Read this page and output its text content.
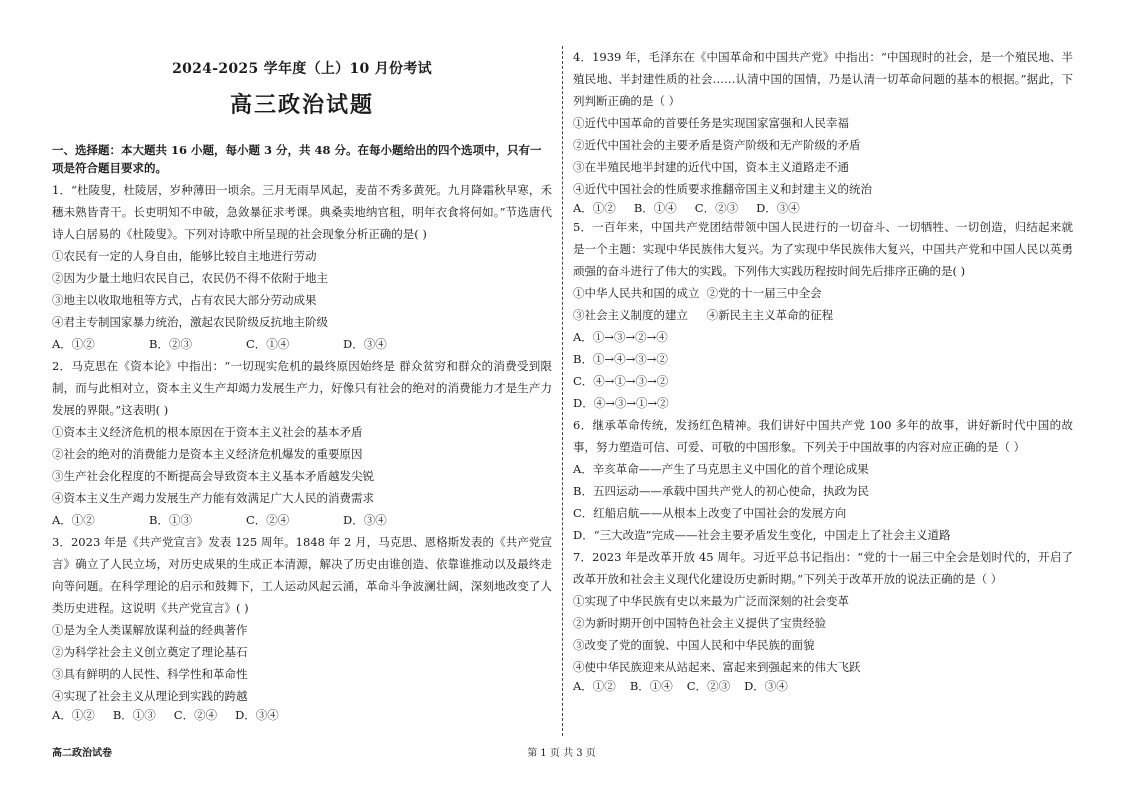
2024-2025 学年度（上）10 月份考试
高三政治试题
一、选择题：本大题共 16 小题，每小题 3 分，共 48 分。在每小题给出的四个选项中，只有一项是符合题目要求的。
1．“杜陵叟，杜陵居，岁种薄田一顷余。三月无雨旱风起，麦苗不秀多黄死。九月降霜秋早寒，禾穗未熟皆青干。长吏明知不申破，急敛暴征求考课。典桑卖地纳官租，明年衣食将何如。”节选唐代诗人白居易的《杜陵叟》。下列对诗歌中所呈现的社会现象分析正确的是( )
①农民有一定的人身自由，能够比较自主地进行劳动
②因为少量土地归农民自己，农民仍不得不依附于地主
③地主以收取地租等方式，占有农民大部分劳动成果
④君主专制国家暴力统治，激起农民阶级反抗地主阶级
A．①②	B．②③	C．①④	D．③④
2．马克思在《资本论》中指出：“一切现实危机的最终原因始终是 群众贫穷和群众的消费受到限制，而与此相对立，资本主义生产却竭力发展生产力，好像只有社会的绝对的消费能力才是生产力发展的界限。”这表明( )
①资本主义经济危机的根本原因在于资本主义社会的基本矛盾
②社会的绝对的消费能力是资本主义经济危机爆发的重要原因
③生产社会化程度的不断提高会导致资本主义基本矛盾越发尖锐
④资本主义生产竭力发展生产力能有效满足广大人民的消费需求
A．①②	B．①③	C．②④	D．③④
3．2023 年是《共产党宣言》发表 125 周年。1848 年 2 月，马克思、恩格斯发表的《共产党宣言》确立了人民立场，对历史成果的生成正本清源，解决了历史由谁创造、依靠谁推动以及最终走向等问题。在科学理论的启示和鼓舞下，工人运动风起云涌，革命斗争波澜壮阔，深刻地改变了人类历史进程。这说明《共产党宣言》( )
①是为全人类谋解放谋利益的经典著作
②为科学社会主义创立奠定了理论基石
③具有鲜明的人民性、科学性和革命性
④实现了社会主义从理论到实践的跨越
A．①② B．①③ C．②④ D．③④
4．1939 年，毛泽东在《中国革命和中国共产党》中指出：“中国现时的社会，是一个殖民地、半殖民地、半封建性质的社会……认清中国的国情，乃是认清一切革命问题的基本的根据。”据此，下列判断正确的是（ ）
①近代中国革命的首要任务是实现国家富强和人民幸福
②近代中国社会的主要矛盾是资产阶级和无产阶级的矛盾
③在半殖民地半封建的近代中国，资本主义道路走不通
④近代中国社会的性质要求推翻帝国主义和封建主义的统治
A．①② B．①④ C．②③ D．③④
5．一百年来，中国共产党团结带领中国人民进行的一切奋斗、一切牺牲、一切创造，归结起来就是一个主题：实现中华民族伟大复兴。为了实现中华民族伟大复兴，中国共产党和中国人民以英勇顽强的奋斗进行了伟大的实践。下列伟大实践历程按时间先后排序正确的是( )
①中华人民共和国的成立 ②党的十一届三中全会
③社会主义制度的建立 ④新民主主义革命的征程
A．①→③→②→④
B．①→④→③→②
C．④→①→③→②
D．④→③→①→②
6．继承革命传统，发扬红色精神。我们讲好中国共产党 100 多年的故事，讲好新时代中国的故事，努力塑造可信、可爱、可敬的中国形象。下列关于中国故事的内容对应正确的是（ ）
A．辛亥革命——产生了马克思主义中国化的首个理论成果
B．五四运动——承载中国共产党人的初心使命，执政为民
C．红船启航——从根本上改变了中国社会的发展方向
D．“三大改造”完成——社会主要矛盾发生变化，中国走上了社会主义道路
7．2023 年是改革开放 45 周年。习近平总书记指出：“党的十一届三中全会是划时代的，开启了改革开放和社会主义现代化建设历史新时期。”下列关于改革开放的说法正确的是（ ）
①实现了中华民族有史以来最为广泛而深刻的社会变革
②为新时期开创中国特色社会主义提供了宝贵经验
③改变了党的面貌、中国人民和中华民族的面貌
④使中华民族迎来从站起来、富起来到强起来的伟大飞跃
A．①② B．①④ C．②③ D．③④
高二政治试卷	第 1 页 共 3 页
